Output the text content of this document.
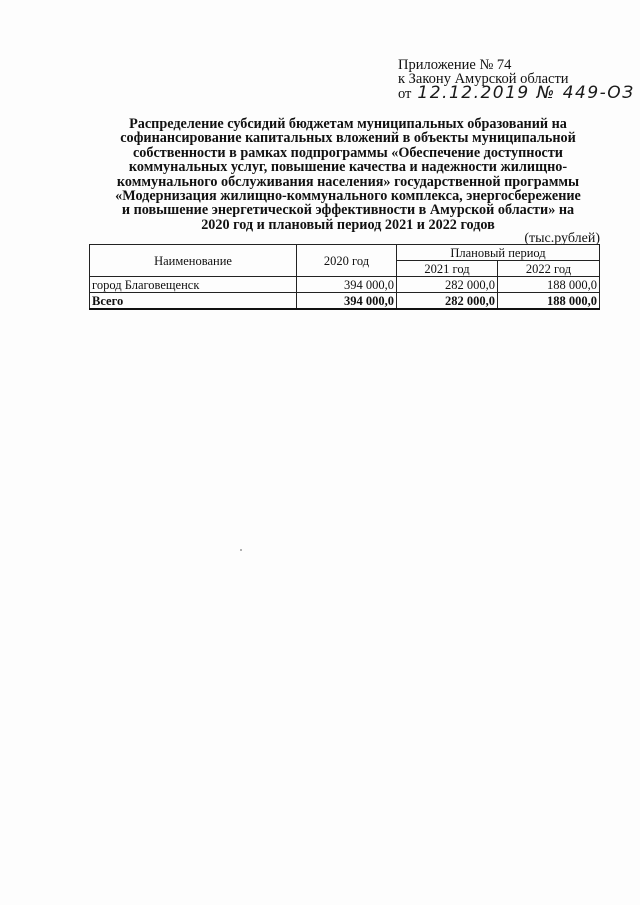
Приложение № 74
к Закону Амурской области
от 12.12.2019 № 449-ОЗ
Распределение субсидий бюджетам муниципальных образований на
софинансирование капитальных вложений в объекты муниципальной
собственности в рамках подпрограммы «Обеспечение доступности
коммунальных услуг, повышение качества и надежности жилищно-
коммунального обслуживания населения» государственной программы
«Модернизация жилищно-коммунального комплекса, энергосбережение
и повышение энергетической эффективности в Амурской области» на
2020 год и плановый период 2021 и 2022 годов
(тыс.рублей)
Наименование	2020 год	Плановый период	
		2021 год	2022 год
город Благовещенск	394 000,0	282 000,0	188 000,0
Всего	394 000,0	282 000,0	188 000,0
